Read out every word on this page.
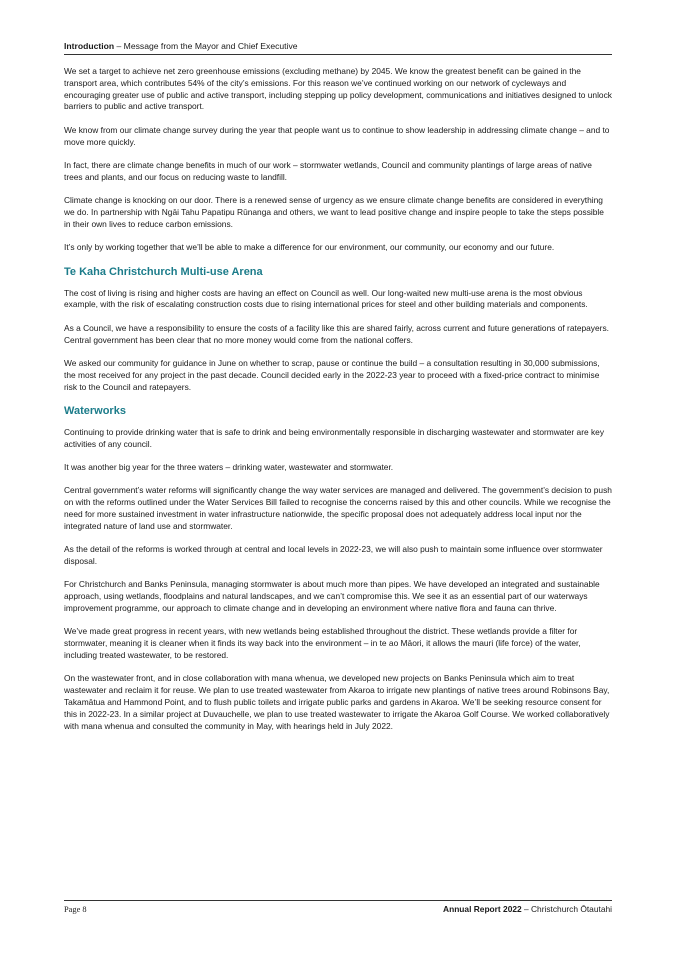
Introduction – Message from the Mayor and Chief Executive

We set a target to achieve net zero greenhouse emissions (excluding methane) by 2045. We know the greatest benefit can be gained in the transport area, which contributes 54% of the city’s emissions. For this reason we’ve continued working on our network of cycleways and encouraging greater use of public and active transport, including stepping up policy development, communications and initiatives designed to unlock barriers to public and active transport.

We know from our climate change survey during the year that people want us to continue to show leadership in addressing climate change – and to move more quickly.

In fact, there are climate change benefits in much of our work – stormwater wetlands, Council and community plantings of large areas of native trees and plants, and our focus on reducing waste to landfill.

Climate change is knocking on our door. There is a renewed sense of urgency as we ensure climate change benefits are considered in everything we do. In partnership with Ngāi Tahu Papatipu Rūnanga and others, we want to lead positive change and inspire people to take the steps possible in their own lives to reduce carbon emissions.

It’s only by working together that we’ll be able to make a difference for our environment, our community, our economy and our future.

Te Kaha Christchurch Multi-use Arena

The cost of living is rising and higher costs are having an effect on Council as well. Our long-waited new multi-use arena is the most obvious example, with the risk of escalating construction costs due to rising international prices for steel and other building materials and components.

As a Council, we have a responsibility to ensure the costs of a facility like this are shared fairly, across current and future generations of ratepayers. Central government has been clear that no more money would come from the national coffers.

We asked our community for guidance in June on whether to scrap, pause or continue the build – a consultation resulting in 30,000 submissions, the most received for any project in the past decade. Council decided early in the 2022-23 year to proceed with a fixed-price contract to minimise risk to the Council and ratepayers.

Waterworks

Continuing to provide drinking water that is safe to drink and being environmentally responsible in discharging wastewater and stormwater are key activities of any council.

It was another big year for the three waters – drinking water, wastewater and stormwater.

Central government’s water reforms will significantly change the way water services are managed and delivered. The government’s decision to push on with the reforms outlined under the Water Services Bill failed to recognise the concerns raised by this and other councils. While we recognise the need for more sustained investment in water infrastructure nationwide, the specific proposal does not adequately address local input nor the integrated nature of land use and stormwater.

As the detail of the reforms is worked through at central and local levels in 2022-23, we will also push to maintain some influence over stormwater disposal.

For Christchurch and Banks Peninsula, managing stormwater is about much more than pipes. We have developed an integrated and sustainable approach, using wetlands, floodplains and natural landscapes, and we can’t compromise this. We see it as an essential part of our waterways improvement programme, our approach to climate change and in developing an environment where native flora and fauna can thrive.

We’ve made great progress in recent years, with new wetlands being established throughout the district. These wetlands provide a filter for stormwater, meaning it is cleaner when it finds its way back into the environment – in te ao Māori, it allows the mauri (life force) of the water, including treated wastewater, to be restored.

On the wastewater front, and in close collaboration with mana whenua, we developed new projects on Banks Peninsula which aim to treat wastewater and reclaim it for reuse. We plan to use treated wastewater from Akaroa to irrigate new plantings of native trees around Robinsons Bay, Takamātua and Hammond Point, and to flush public toilets and irrigate public parks and gardens in Akaroa. We’ll be seeking resource consent for this in 2022-23. In a similar project at Duvauchelle, we plan to use treated wastewater to irrigate the Akaroa Golf Course. We worked collaboratively with mana whenua and consulted the community in May, with hearings held in July 2022.

Page 8	Annual Report 2022 – Christchurch Ōtautahi
